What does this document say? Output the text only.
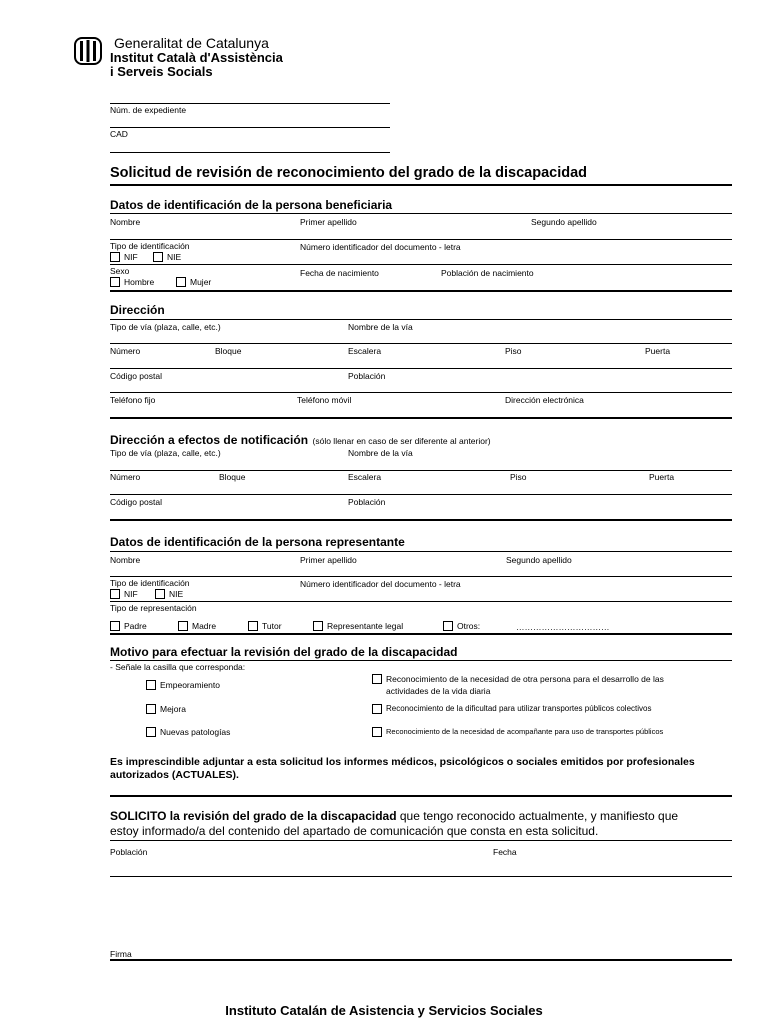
Generalitat de Catalunya
Institut Català d'Assistència
i Serveis Socials
Núm. de expediente
CAD
Solicitud de revisión de reconocimiento del grado de la discapacidad
Datos de identificación de la persona beneficiaria
Nombre	Primer apellido	Segundo apellido
Tipo de identificación	Número identificador del documento - letra
NIF	NIE
Sexo	Fecha de nacimiento	Población de nacimiento
Hombre	Mujer
Dirección
Tipo de vía (plaza, calle, etc.)	Nombre de la vía
Número	Bloque	Escalera	Piso	Puerta
Código postal	Población
Teléfono fijo	Teléfono móvil	Dirección electrónica
Dirección a efectos de notificación (sólo llenar en caso de ser diferente al anterior)
Tipo de vía (plaza, calle, etc.)	Nombre de la vía
Número	Bloque	Escalera	Piso	Puerta
Código postal	Población
Datos de identificación de la persona representante
Nombre	Primer apellido	Segundo apellido
Tipo de identificación	Número identificador del documento - letra
NIF	NIE
Tipo de representación
Padre	Madre	Tutor	Representante legal	Otros:	……………………………
Motivo para efectuar la revisión del grado de la discapacidad
- Señale la casilla que corresponda:
Empeoramiento
Mejora
Nuevas patologías
Reconocimiento de la necesidad de otra persona para el desarrollo de las
actividades de la vida diaria
Reconocimiento de la dificultad para utilizar transportes públicos colectivos
Reconocimiento de la necesidad de acompañante para uso de transportes públicos
Es imprescindible adjuntar a esta solicitud los informes médicos, psicológicos o sociales emitidos por profesionales autorizados (ACTUALES).
SOLICITO la revisión del grado de la discapacidad que tengo reconocido actualmente, y manifiesto que
estoy informado/a del contenido del apartado de comunicación que consta en esta solicitud.
Población	Fecha
Firma
Instituto Catalán de Asistencia y Servicios Sociales
